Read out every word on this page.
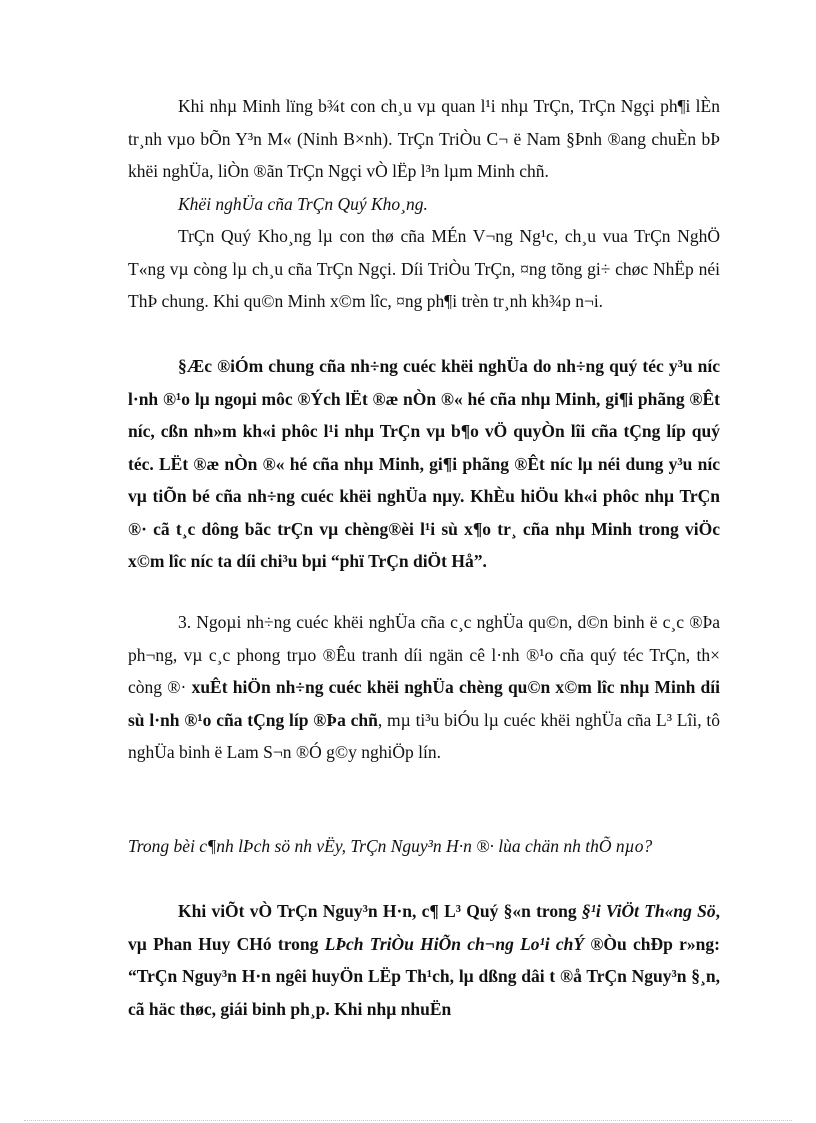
Khi nhµ Minh lïng b¾t con ch¸u vµ quan l¹i nhµ TrÇn, TrÇn Ngçi ph¶i lÈn tr¸nh vµo bÕn Y³n M« (Ninh B×nh). TrÇn TriÒu C¬ ë Nam §Þnh ®ang chuÈn bÞ khëi nghÜa, liÒn ®ãn TrÇn Ngçi vÒ lËp l³n lµm Minh chñ.

Khëi nghÜa cña TrÇn Quý Kho¸ng.

TrÇn Quý Kho¸ng lµ con thø cña MÉn V¬ng Ng¹c, ch¸u vua TrÇn NghÖ T«ng vµ còng lµ ch¸u cña TrÇn Ngçi. Díi TriÒu TrÇn, ¤ng tõng gi÷ chøc NhËp néi ThÞ chung. Khi qu©n Minh x©m lîc, ¤ng ph¶i trèn tr¸nh kh¾p n¬i.

§Æc ®iÓm chung cña nh÷ng cuéc khëi nghÜa do nh÷ng quý téc y³u níc l·nh ®¹o lµ ngoµi môc ®Ých lËt ®æ nÒn ®« hé cña nhµ Minh, gi¶i phãng ®Êt níc, cßn nh»m kh«i phôc l¹i nhµ TrÇn vµ b¶o vÖ quyÒn lîi cña tÇng líp quý téc. LËt ®æ nÒn ®« hé cña nhµ Minh, gi¶i phãng ®Êt níc lµ néi dung y³u níc vµ tiÕn bé cña nh÷ng cuéc khëi nghÜa nµy. KhÈu hiÖu kh«i phôc nhµ TrÇn ®· cã t¸c dông bãc trÇn vµ chèng®èi l¹i sù x¶o tr¸ cña nhµ Minh trong viÖc x©m lîc níc ta díi chi³u bµi “phï TrÇn diÖt Hå”.

3. Ngoµi nh÷ng cuéc khëi nghÜa cña c¸c nghÜa qu©n, d©n binh ë c¸c ®Þa ph¬ng, vµ c¸c phong trµo ®Êu tranh díi ngän cê l·nh ®¹o cña quý téc TrÇn, th× còng ®· xuÊt hiÖn nh÷ng cuéc khëi nghÜa chèng qu©n x©m lîc nhµ Minh díi sù l·nh ®¹o cña tÇng líp ®Þa chñ, mµ ti³u biÓu lµ cuéc khëi nghÜa cña L³ Lîi, tô nghÜa binh ë Lam S¬n ®Ó g©y nghiÖp lín.

Trong bèi c¶nh lÞch sö nh vËy, TrÇn Nguy³n H·n ®· lùa chän nh thÕ nµo?

Khi viÕt vÒ TrÇn Nguy³n H·n, c¶ L³ Quý §«n trong §¹i ViÖt Th«ng Sö, vµ Phan Huy CHó trong LÞch TriÒu HiÕn ch¬ng Lo¹i chÝ ®Òu chÐp r»ng: “TrÇn Nguy³n H·n ngêi huyÖn LËp Th¹ch, lµ dßng dâi t ®å TrÇn Nguy³n §¸n, cã häc thøc, giái binh ph¸p. Khi nhµ nhuËn
